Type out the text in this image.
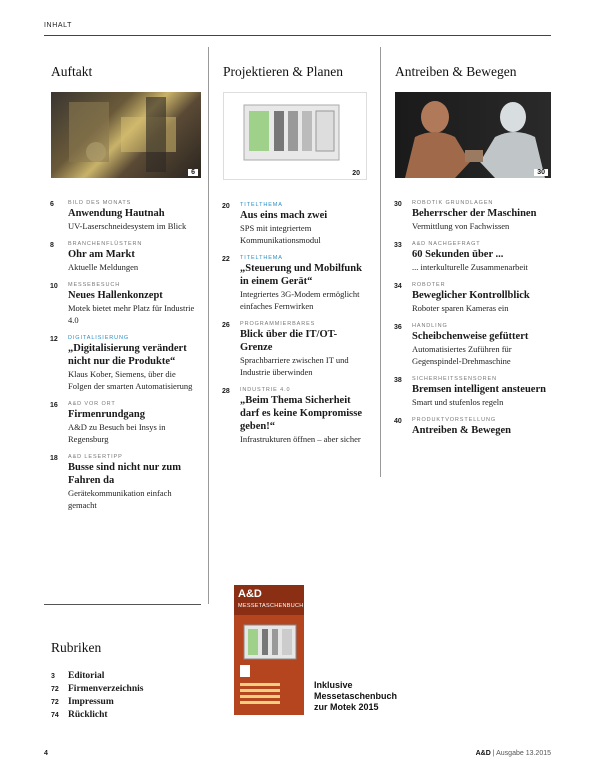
INHALT
Auftakt
6
6	BILD DES MONATS
Anwendung Hautnah
UV-Laserschneidesystem im Blick
8	BRANCHENFLÜSTERN
Ohr am Markt
Aktuelle Meldungen
10	MESSEBESUCH
Neues Hallenkonzept
Motek bietet mehr Platz für Industrie 4.0
12	DIGITALISIERUNG
„Digitalisierung verändert nicht nur die Produkte“
Klaus Kober, Siemens, über die Folgen der smarten Automatisierung
16	A&D VOR ORT
Firmenrundgang
A&D zu Besuch bei Insys in Regensburg
18	A&D LESERTIPP
Busse sind nicht nur zum Fahren da
Gerätekommunikation einfach gemacht
Projektieren & Planen
20
20	TITELTHEMA
Aus eins mach zwei
SPS mit integriertem Kommunikationsmodul
22	TITELTHEMA
„Steuerung und Mobilfunk in einem Gerät“
Integriertes 3G-Modem ermöglicht einfaches Fernwirken
26	PROGRAMMIERBARES
Blick über die IT/OT-Grenze
Sprachbarriere zwischen IT und Industrie überwinden
28	INDUSTRIE 4.0
„Beim Thema Sicherheit darf es keine Kompromisse geben!“
Infrastrukturen öffnen – aber sicher
Antreiben & Bewegen
30
30	ROBOTIK GRUNDLAGEN
Beherrscher der Maschinen
Vermittlung von Fachwissen
33	A&D NACHGEFRAGT
60 Sekunden über ...
... interkulturelle Zusammenarbeit
34	ROBOTER
Beweglicher Kontrollblick
Roboter sparen Kameras ein
36	HANDLING
Scheibchenweise gefüttert
Automatisiertes Zuführen für Gegenspindel-Drehmaschine
38	SICHERHEITSSENSOREN
Bremsen intelligent ansteuern
Smart und stufenlos regeln
40	PRODUKTVORSTELLUNG
Antreiben & Bewegen
Rubriken
3	Editorial
72 Firmenverzeichnis
72 Impressum
74 Rücklicht
A&D
MESSETASCHENBUCH
Inklusive
Messetaschenbuch
zur Motek 2015
4	A&D | Ausgabe 13.2015
